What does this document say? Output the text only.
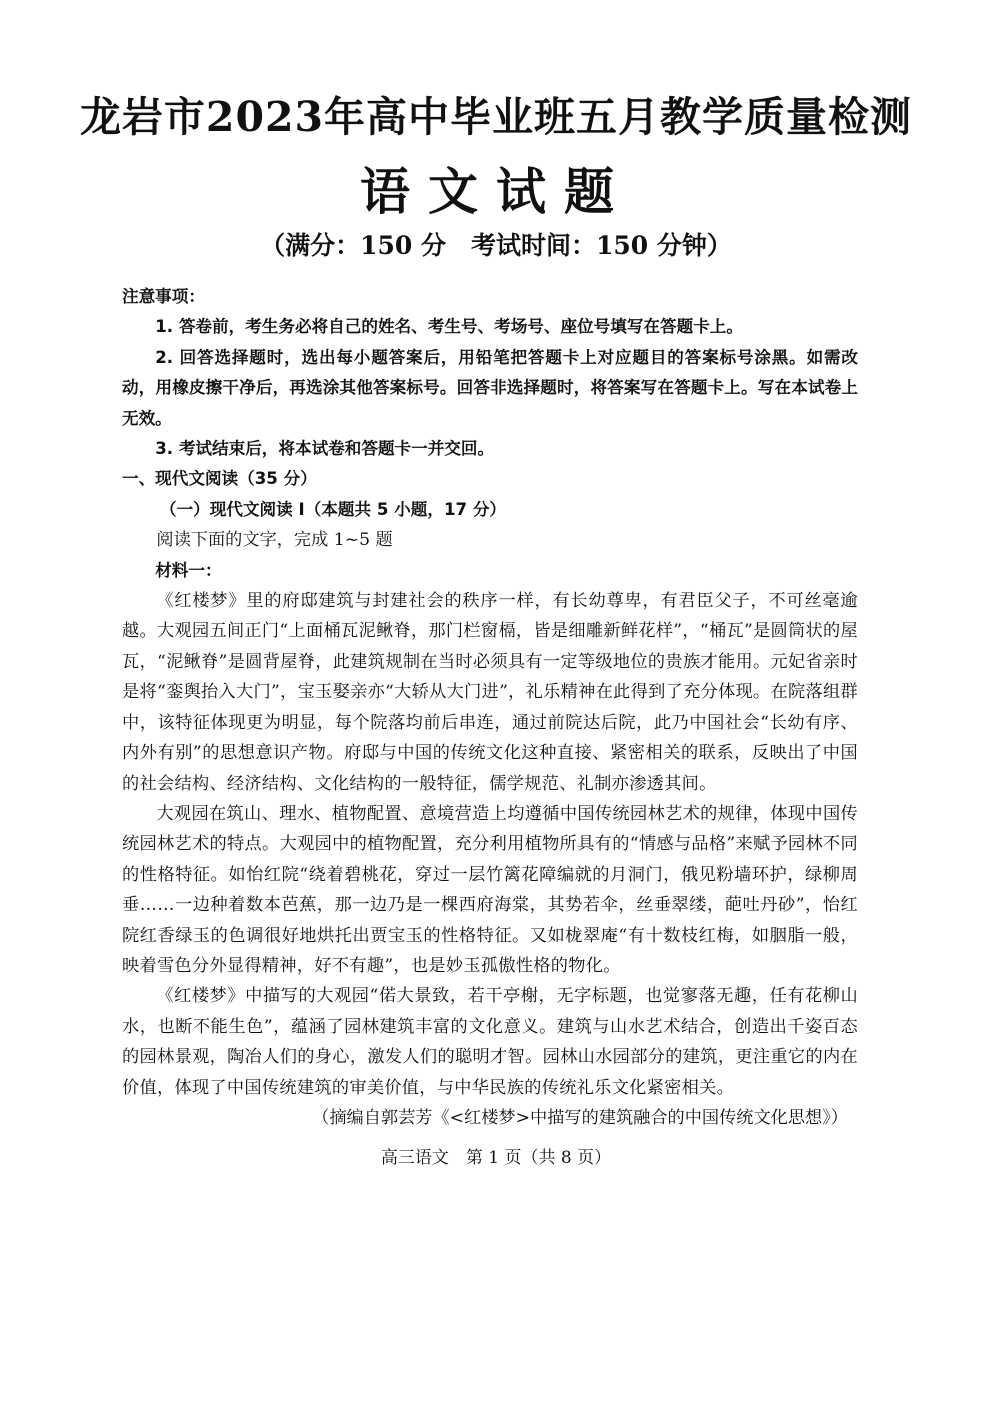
龙岩市2023年高中毕业班五月教学质量检测
语文试题
（满分：150 分　考试时间：150 分钟）

注意事项：

1. 答卷前，考生务必将自己的姓名、考生号、考场号、座位号填写在答题卡上。

2. 回答选择题时，选出每小题答案后，用铅笔把答题卡上对应题目的答案标号涂黑。如需改动，用橡皮擦干净后，再选涂其他答案标号。回答非选择题时，将答案写在答题卡上。写在本试卷上无效。

3. 考试结束后，将本试卷和答题卡一并交回。

一、现代文阅读（35 分）

（一）现代文阅读 I（本题共 5 小题，17 分）

阅读下面的文字，完成 1~5 题

材料一：

《红楼梦》里的府邸建筑与封建社会的秩序一样，有长幼尊卑，有君臣父子，不可丝毫逾越。大观园五间正门“上面桶瓦泥鳅脊，那门栏窗槅，皆是细雕新鲜花样”，“桶瓦”是圆筒状的屋瓦，“泥鳅脊”是圆背屋脊，此建筑规制在当时必须具有一定等级地位的贵族才能用。元妃省亲时是将“銮舆抬入大门”，宝玉娶亲亦“大轿从大门进”，礼乐精神在此得到了充分体现。在院落组群中，该特征体现更为明显，每个院落均前后串连，通过前院达后院，此乃中国社会“长幼有序、内外有别”的思想意识产物。府邸与中国的传统文化这种直接、紧密相关的联系，反映出了中国的社会结构、经济结构、文化结构的一般特征，儒学规范、礼制亦渗透其间。

大观园在筑山、理水、植物配置、意境营造上均遵循中国传统园林艺术的规律，体现中国传统园林艺术的特点。大观园中的植物配置，充分利用植物所具有的“情感与品格”来赋予园林不同的性格特征。如怡红院“绕着碧桃花，穿过一层竹篱花障编就的月洞门，俄见粉墙环护，绿柳周垂……一边种着数本芭蕉，那一边乃是一棵西府海棠，其势若伞，丝垂翠缕，葩吐丹砂”，怡红院红香绿玉的色调很好地烘托出贾宝玉的性格特征。又如栊翠庵“有十数枝红梅，如胭脂一般，映着雪色分外显得精神，好不有趣”，也是妙玉孤傲性格的物化。

《红楼梦》中描写的大观园“偌大景致，若干亭榭，无字标题，也觉寥落无趣，任有花柳山水，也断不能生色”，蕴涵了园林建筑丰富的文化意义。建筑与山水艺术结合，创造出千姿百态的园林景观，陶冶人们的身心，激发人们的聪明才智。园林山水园部分的建筑，更注重它的内在价值，体现了中国传统建筑的审美价值，与中华民族的传统礼乐文化紧密相关。

（摘编自郭芸芳《<红楼梦>中描写的建筑融合的中国传统文化思想》）

高三语文　第 1 页（共 8 页）
